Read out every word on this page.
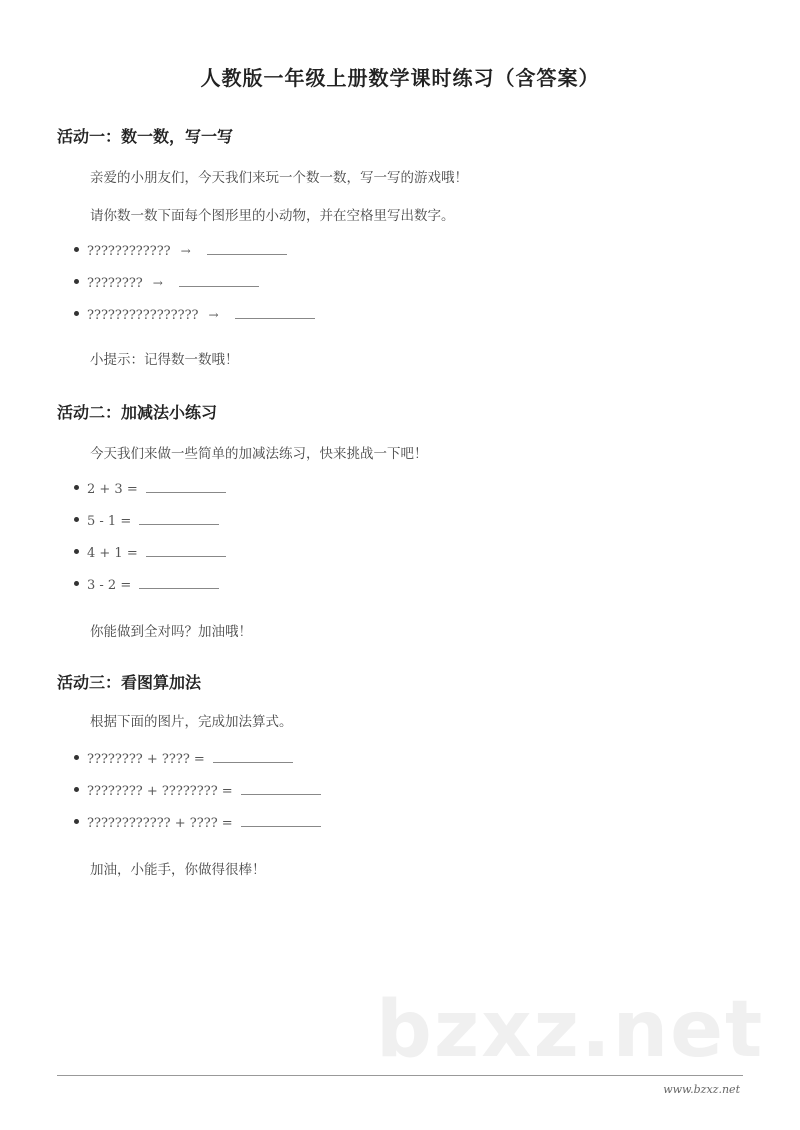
人教版一年级上册数学课时练习（含答案）
活动一：数一数，写一写
亲爱的小朋友们，今天我们来玩一个数一数，写一写的游戏哦！
请你数一数下面每个图形里的小动物，并在空格里写出数字。
???????????? →
???????? →
???????????????? →
小提示：记得数一数哦！
活动二：加减法小练习
今天我们来做一些简单的加减法练习，快来挑战一下吧！
2 + 3 =
5 - 1 =
4 + 1 =
3 - 2 =
你能做到全对吗？加油哦！
活动三：看图算加法
根据下面的图片，完成加法算式。
???????? + ???? =
???????? + ???????? =
???????????? + ???? =
加油，小能手，你做得很棒！
bzxz.net
www.bzxz.net
